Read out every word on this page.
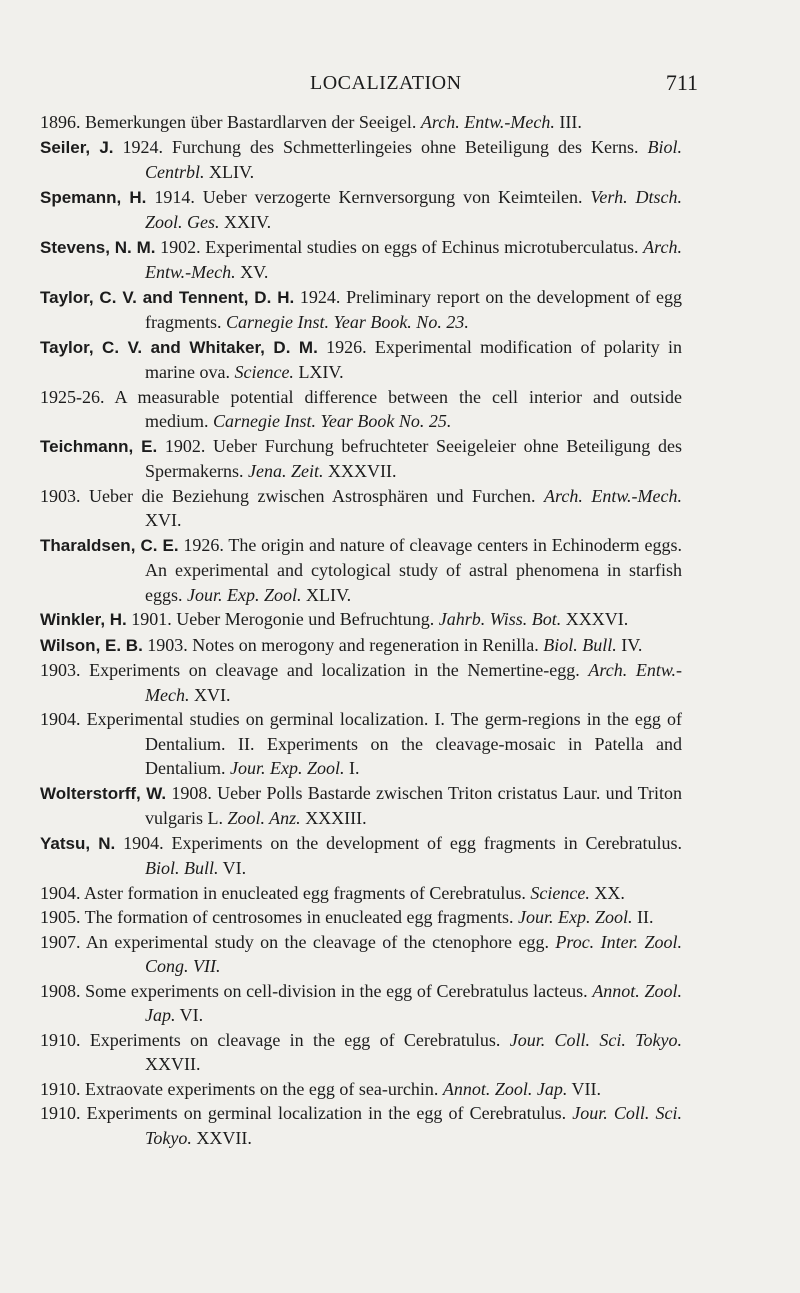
LOCALIZATION	711
1896. Bemerkungen über Bastardlarven der Seeigel. Arch. Entw.-Mech. III.
Seiler, J. 1924. Furchung des Schmetterlingeies ohne Beteiligung des Kerns. Biol. Centrbl. XLIV.
Spemann, H. 1914. Ueber verzogerte Kernversorgung von Keimteilen. Verh. Dtsch. Zool. Ges. XXIV.
Stevens, N. M. 1902. Experimental studies on eggs of Echinus microtuberculatus. Arch. Entw.-Mech. XV.
Taylor, C. V. and Tennent, D. H. 1924. Preliminary report on the development of egg fragments. Carnegie Inst. Year Book. No. 23.
Taylor, C. V. and Whitaker, D. M. 1926. Experimental modification of polarity in marine ova. Science. LXIV.
1925-26. A measurable potential difference between the cell interior and outside medium. Carnegie Inst. Year Book No. 25.
Teichmann, E. 1902. Ueber Furchung befruchteter Seeigeleier ohne Beteiligung des Spermakerns. Jena. Zeit. XXXVII.
1903. Ueber die Beziehung zwischen Astrosphären und Furchen. Arch. Entw.-Mech. XVI.
Tharaldsen, C. E. 1926. The origin and nature of cleavage centers in Echinoderm eggs. An experimental and cytological study of astral phenomena in starfish eggs. Jour. Exp. Zool. XLIV.
Winkler, H. 1901. Ueber Merogonie und Befruchtung. Jahrb. Wiss. Bot. XXXVI.
Wilson, E. B. 1903. Notes on merogony and regeneration in Renilla. Biol. Bull. IV.
1903. Experiments on cleavage and localization in the Nemertine-egg. Arch. Entw.-Mech. XVI.
1904. Experimental studies on germinal localization. I. The germ-regions in the egg of Dentalium. II. Experiments on the cleavage-mosaic in Patella and Dentalium. Jour. Exp. Zool. I.
Wolterstorff, W. 1908. Ueber Polls Bastarde zwischen Triton cristatus Laur. und Triton vulgaris L. Zool. Anz. XXXIII.
Yatsu, N. 1904. Experiments on the development of egg fragments in Cerebratulus. Biol. Bull. VI.
1904. Aster formation in enucleated egg fragments of Cerebratulus. Science. XX.
1905. The formation of centrosomes in enucleated egg fragments. Jour. Exp. Zool. II.
1907. An experimental study on the cleavage of the ctenophore egg. Proc. Inter. Zool. Cong. VII.
1908. Some experiments on cell-division in the egg of Cerebratulus lacteus. Annot. Zool. Jap. VI.
1910. Experiments on cleavage in the egg of Cerebratulus. Jour. Coll. Sci. Tokyo. XXVII.
1910. Extraovate experiments on the egg of sea-urchin. Annot. Zool. Jap. VII.
1910. Experiments on germinal localization in the egg of Cerebratulus. Jour. Coll. Sci. Tokyo. XXVII.
